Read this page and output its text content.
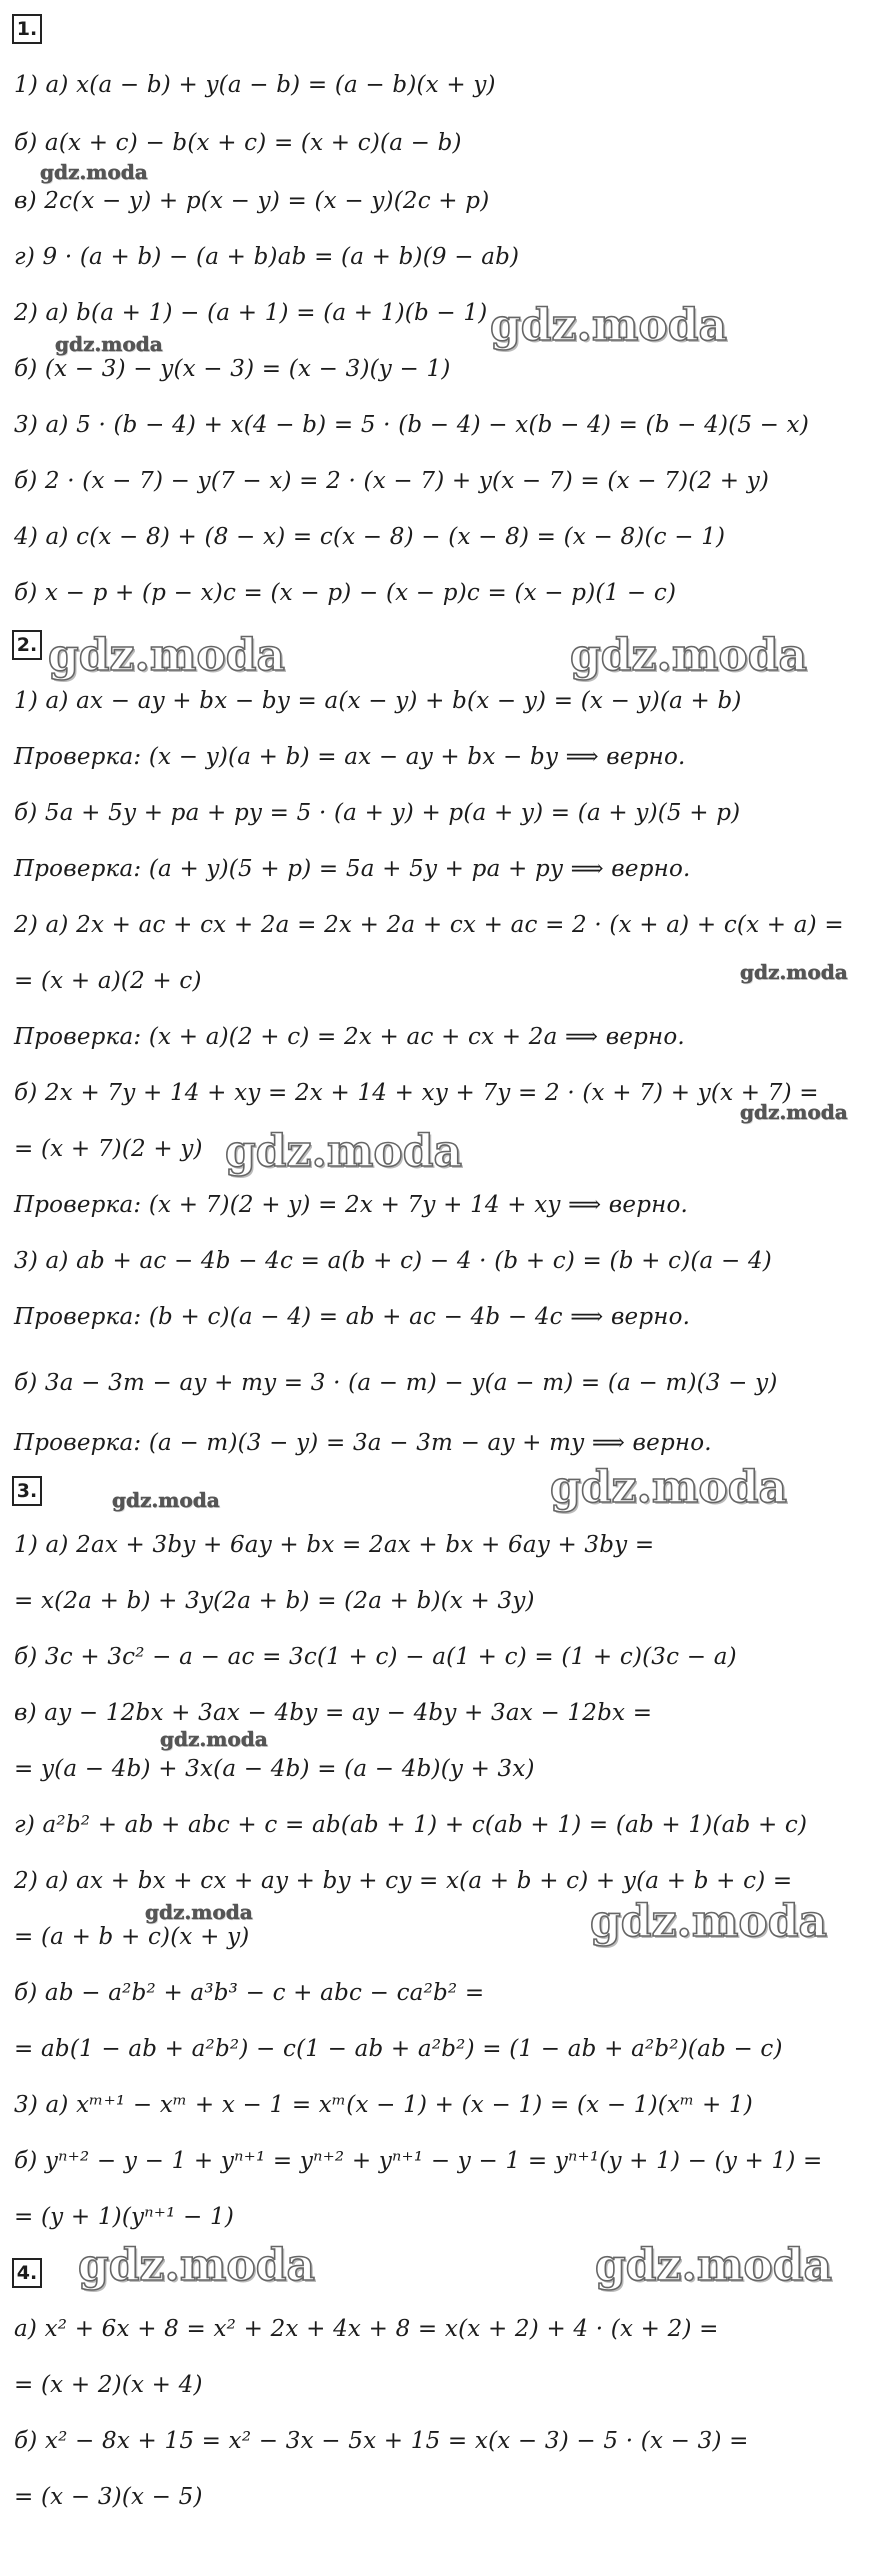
1.
2.
3.
4.
1) а) x(a − b) + y(a − b) = (a − b)(x + y)
б) a(x + c) − b(x + c) = (x + c)(a − b)
в) 2c(x − y) + p(x − y) = (x − y)(2c + p)
г) 9 · (a + b) − (a + b)ab = (a + b)(9 − ab)
2) а) b(a + 1) − (a + 1) = (a + 1)(b − 1)
б) (x − 3) − y(x − 3) = (x − 3)(y − 1)
3) а) 5 · (b − 4) + x(4 − b) = 5 · (b − 4) − x(b − 4) = (b − 4)(5 − x)
б) 2 · (x − 7) − y(7 − x) = 2 · (x − 7) + y(x − 7) = (x − 7)(2 + y)
4) а) c(x − 8) + (8 − x) = c(x − 8) − (x − 8) = (x − 8)(c − 1)
б) x − p + (p − x)c = (x − p) − (x − p)c = (x − p)(1 − c)
1) а) ax − ay + bx − by = a(x − y) + b(x − y) = (x − y)(a + b)
Проверка: (x − y)(a + b) = ax − ay + bx − by ⟹ верно.
б) 5a + 5y + pa + py = 5 · (a + y) + p(a + y) = (a + y)(5 + p)
Проверка: (a + y)(5 + p) = 5a + 5y + pa + py ⟹ верно.
2) а) 2x + ac + cx + 2a = 2x + 2a + cx + ac = 2 · (x + a) + c(x + a) =
= (x + a)(2 + c)
Проверка: (x + a)(2 + c) = 2x + ac + cx + 2a ⟹ верно.
б) 2x + 7y + 14 + xy = 2x + 14 + xy + 7y = 2 · (x + 7) + y(x + 7) =
= (x + 7)(2 + y)
Проверка: (x + 7)(2 + y) = 2x + 7y + 14 + xy ⟹ верно.
3) а) ab + ac − 4b − 4c = a(b + c) − 4 · (b + c) = (b + c)(a − 4)
Проверка: (b + c)(a − 4) = ab + ac − 4b − 4c ⟹ верно.
б) 3a − 3m − ay + my = 3 · (a − m) − y(a − m) = (a − m)(3 − y)
Проверка: (a − m)(3 − y) = 3a − 3m − ay + my ⟹ верно.
1) а) 2ax + 3by + 6ay + bx = 2ax + bx + 6ay + 3by =
= x(2a + b) + 3y(2a + b) = (2a + b)(x + 3y)
б) 3c + 3c² − a − ac = 3c(1 + c) − a(1 + c) = (1 + c)(3c − a)
в) ay − 12bx + 3ax − 4by = ay − 4by + 3ax − 12bx =
= y(a − 4b) + 3x(a − 4b) = (a − 4b)(y + 3x)
г) a²b² + ab + abc + c = ab(ab + 1) + c(ab + 1) = (ab + 1)(ab + c)
2) а) ax + bx + cx + ay + by + cy = x(a + b + c) + y(a + b + c) =
= (a + b + c)(x + y)
б) ab − a²b² + a³b³ − c + abc − ca²b² =
= ab(1 − ab + a²b²) − c(1 − ab + a²b²) = (1 − ab + a²b²)(ab − c)
3) а) xᵐ⁺¹ − xᵐ + x − 1 = xᵐ(x − 1) + (x − 1) = (x − 1)(xᵐ + 1)
б) yⁿ⁺² − y − 1 + yⁿ⁺¹ = yⁿ⁺² + yⁿ⁺¹ − y − 1 = yⁿ⁺¹(y + 1) − (y + 1) =
= (y + 1)(yⁿ⁺¹ − 1)
а) x² + 6x + 8 = x² + 2x + 4x + 8 = x(x + 2) + 4 · (x + 2) =
= (x + 2)(x + 4)
б) x² − 8x + 15 = x² − 3x − 5x + 15 = x(x − 3) − 5 · (x − 3) =
= (x − 3)(x − 5)
gdz.moda
gdz.moda
gdz.moda
gdz.moda	gdz.moda
gdz.moda
gdz.moda
gdz.moda
gdz.moda	gdz.moda
gdz.moda
gdz.moda	gdz.moda
gdz.moda	gdz.moda
